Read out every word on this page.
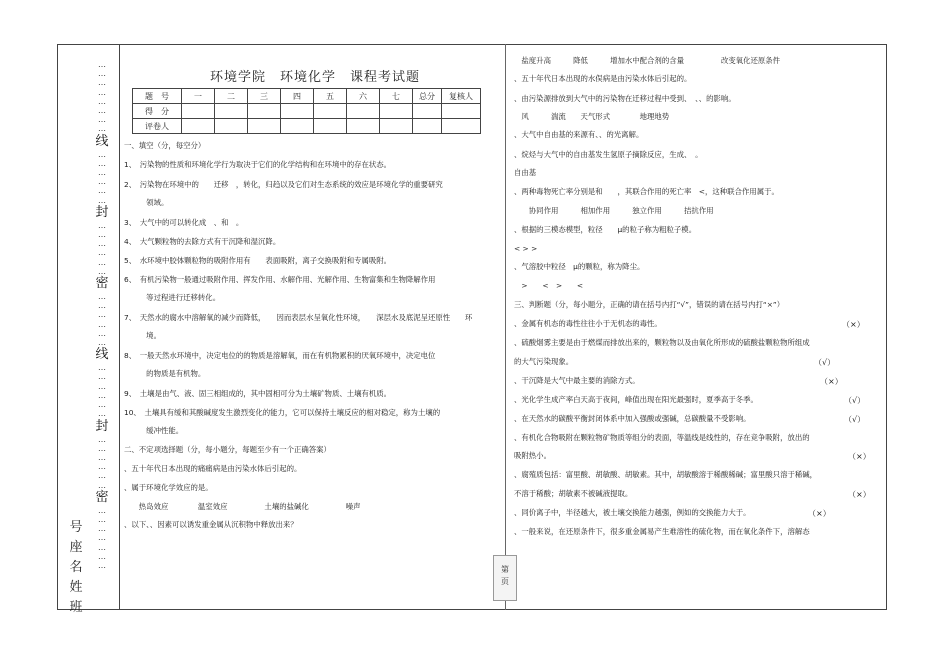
…
…
…
…
…
…
…
…

线
…
…
…
…
…
…

封
…
…
…
…
…
…

密
…
…
…
…
…
…

线
…
…
…
…
…
…

封
…
…
…
…
…
…

密
…
…
…
…
…
…
…
号
座
名
姓
班
第
页
环境学院　环境化学　课程考试题
题　号	一	二	三	四	五	六	七	总分	复核人
得　分									
评卷人									
一、填空（分，每空分）
1、　污染物的性质和环境化学行为取决于它们的化学结构和在环境中的存在状态。
2、　污染物在环境中的　　迁移　，转化，归趋以及它们对生态系统的效应是环境化学的重要研究
　　　领域。
3、　大气中的可以转化成　、和　。
4、　大气颗粒物的去除方式有干沉降和湿沉降。
5、　水环境中胶体颗粒物的吸附作用有　　表面吸附，离子交换吸附和专属吸附。
6、　有机污染物一般通过吸附作用、挥发作用、水解作用、光解作用、生物富集和生物降解作用
　　　等过程进行迁移转化。
7、　天然水的腐水中溶解氧的减少而降低，　　因而表层水呈氧化性环境，　　深层水及底泥呈还原性　　环
　　　境。
8、　一般天然水环境中，决定电位的的物质是溶解氧，而在有机物累积的厌氧环境中，决定电位
　　　的物质是有机物。
9、　土壤是由气、液、固三相组成的，其中固相可分为土壤矿物质、土壤有机质。
10、　土壤具有缓和其酸碱度发生激烈变化的能力，它可以保持土壤反应的相对稳定，称为土壤的
　　　缓冲性能。
二、不定项选择题（分，每小题分，每题至少有一个正确答案）
、五十年代日本出现的痛痛病是由污染水体后引起的。
、属于环境化学效应的是。
　　热岛效应　　　　温室效应　　　　　土壤的盐碱化　　　　　噪声
、以下、、因素可以诱发重金属从沉积物中释放出来？
　盐度升高　　　降低　　　增加水中配合剂的含量　　　　　改变氧化还原条件
、五十年代日本出现的水俣病是由污染水体后引起的。
、由污染源排放到大气中的污染物在迁移过程中受到、　、、的影响。
　风　　　湍流　　天气形式　　　　地理地势
、大气中自由基的来源有、、的光离解。
、烷烃与大气中的自由基发生氢原子摘除反应，生成、　。
自由基
、两种毒物死亡率分别是和　　，其联合作用的死亡率　<，这种联合作用属于。
　　协同作用　　　相加作用　　　独立作用　　　拮抗作用
、根据的三模态模型，粒径　　μ的粒子称为粗粒子模。
< > >
、气溶胶中粒径　μ的颗粒，称为降尘。
　>　　<　>　　<
三、判断题（分，每小题分，正确的请在括号内打“√”，错误的请在括号内打“×”）
、金属有机态的毒性往往小于无机态的毒性。
、硫酸烟雾主要是由于燃煤而排放出来的，颗粒物以及由氧化所形成的硫酸盐颗粒物所组成
的大气污染现象。
、干沉降是大气中最主要的消除方式。
、光化学生成产率白天高于夜间，峰值出现在阳光最强时，夏季高于冬季。
、在天然水的碳酸平衡封闭体系中加入强酸或强碱，总碳酸量不受影响。
、有机化合物吸附在颗粒物矿物质等组分的表面，等温线是线性的，存在竞争吸附，放出的
吸附热小。
、腐殖质包括：富里酸、胡敏酸、胡敏素。其中，胡敏酸溶于稀酸稀碱；富里酸只溶于稀碱，
不溶于稀酸；胡敏素不被碱液提取。
、同价离子中，半径越大，被土壤交换能力越强，例如的交换能力大于。
、一般来说，在还原条件下，很多重金属易产生难溶性的硫化物，而在氧化条件下，溶解态
（×）
（√）
（×）
（√）
（√）
（×）
（×）
（×）
